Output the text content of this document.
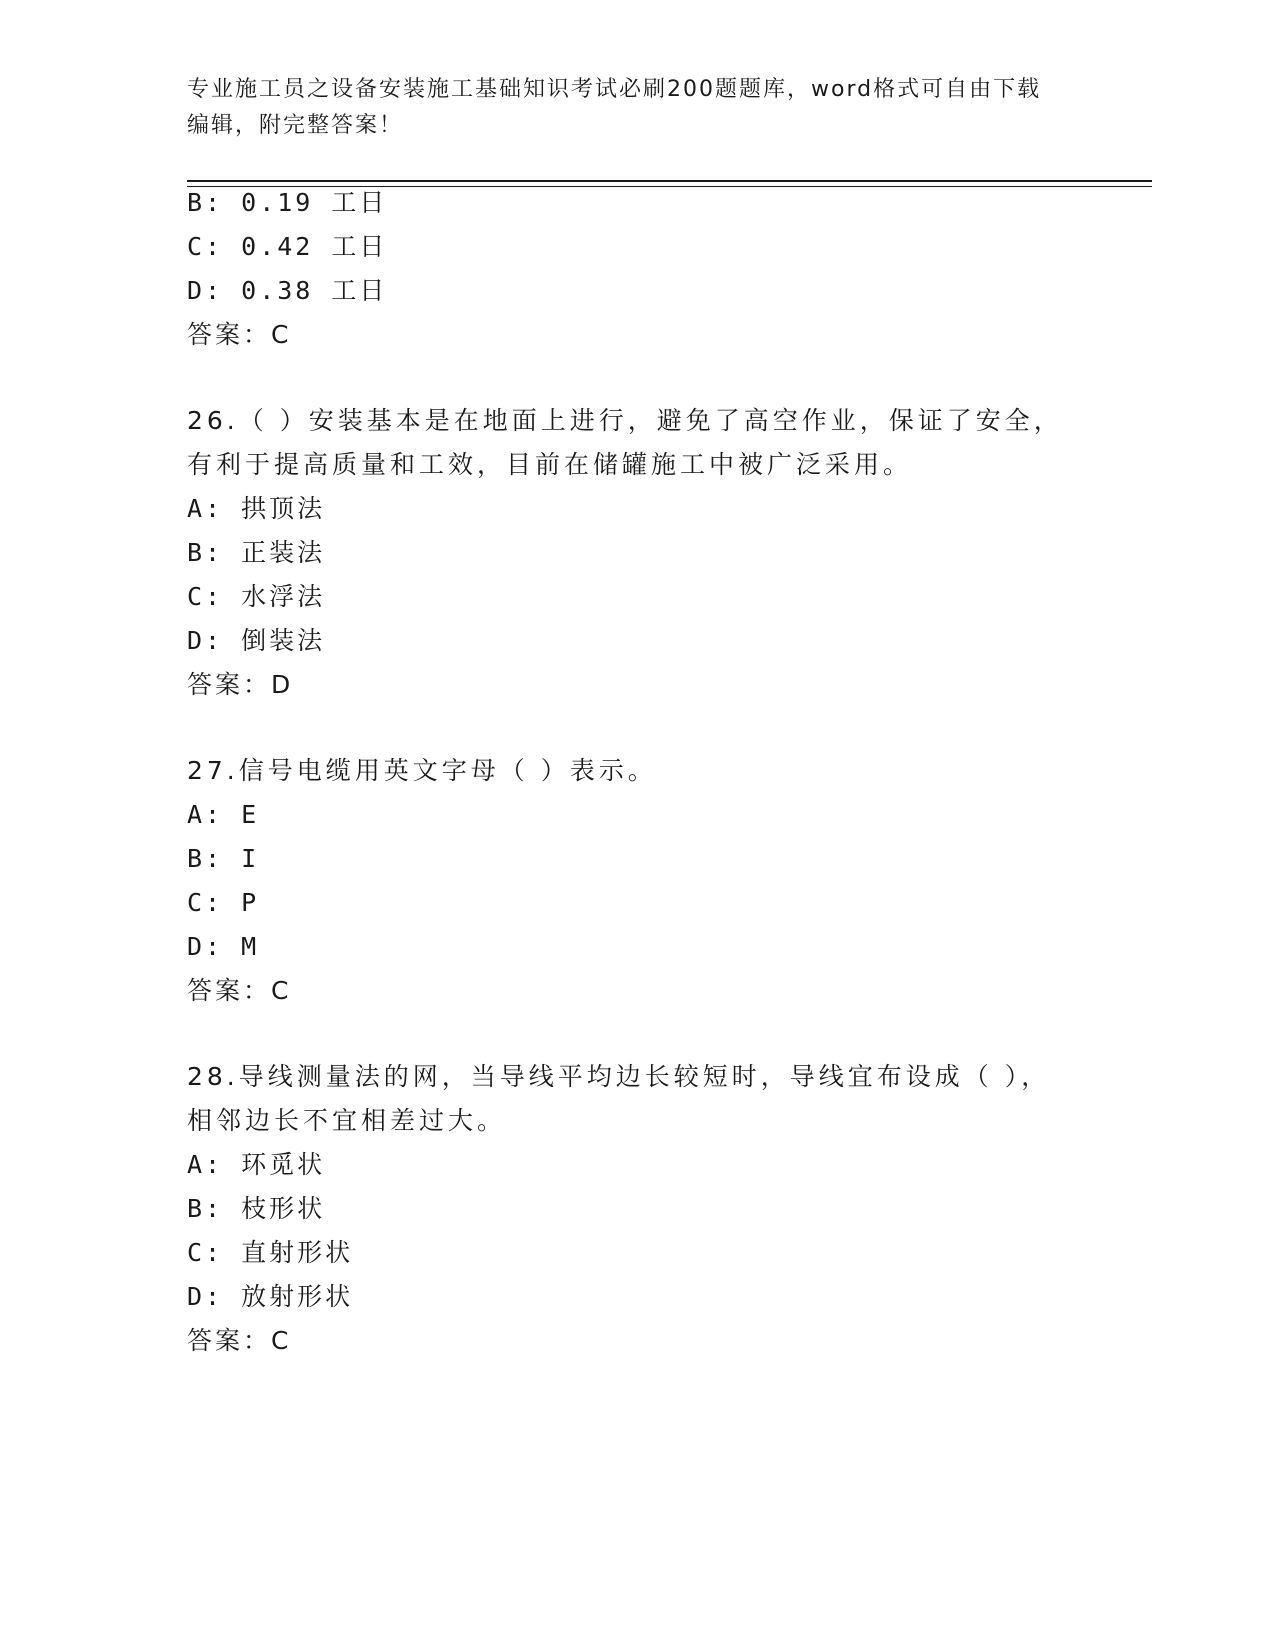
专业施工员之设备安装施工基础知识考试必刷200题题库，word格式可自由下载
编辑，附完整答案！
B: 0.19 工日
C: 0.42 工日
D: 0.38 工日
答案：C
26.（ ）安装基本是在地面上进行，避免了高空作业，保证了安全，
有利于提高质量和工效，目前在储罐施工中被广泛采用。
A: 拱顶法
B: 正装法
C: 水浮法
D: 倒装法
答案：D
27.信号电缆用英文字母（ ）表示。
A: E
B: I
C: P
D: M
答案：C
28.导线测量法的网，当导线平均边长较短时，导线宜布设成（ ），
相邻边长不宜相差过大。
A: 环觅状
B: 枝形状
C: 直射形状
D: 放射形状
答案：C
